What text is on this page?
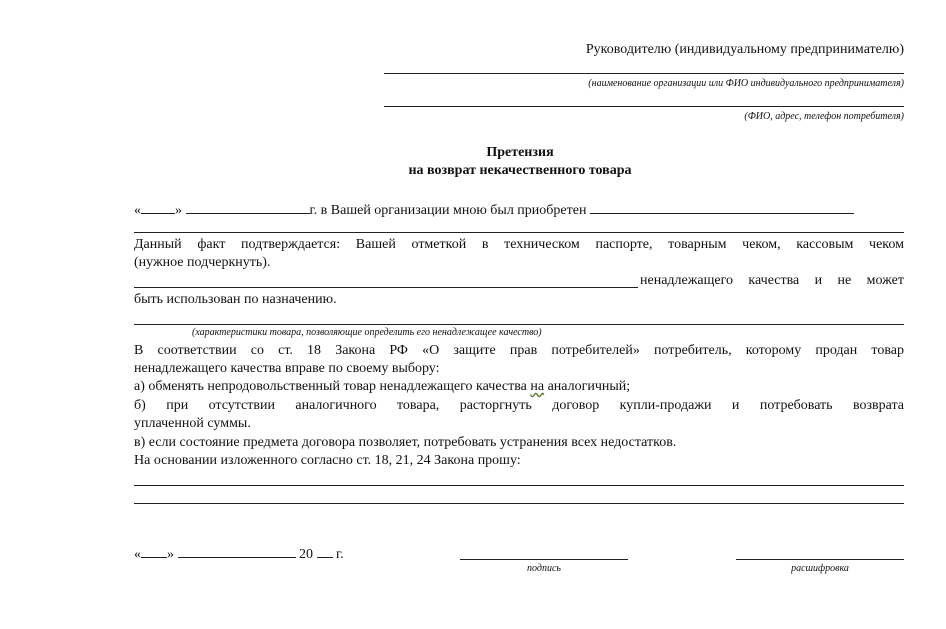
Руководителю (индивидуальному предпринимателю)
(наименование организации или ФИО индивидуального предпринимателя)
(ФИО, адрес, телефон потребителя)
Претензия
на возврат некачественного товара
« »	г. в Вашей организации мною был приобретен
Данный факт подтверждается: Вашей отметкой в техническом паспорте, товарным чеком, кассовым чеком
(нужное подчеркнуть).
ненадлежащего качества и не может
быть использован по назначению.
(характеристики товара, позволяющие определить его ненадлежащее качество)
В соответствии со ст. 18 Закона РФ «О защите прав потребителей» потребитель, которому продан товар
ненадлежащего качества вправе по своему выбору:
а) обменять непродовольственный товар ненадлежащего качества на аналогичный;
б) при отсутствии аналогичного товара, расторгнуть договор купли-продажи и потребовать возврата
уплаченной суммы.
в) если состояние предмета договора позволяет, потребовать устранения всех недостатков.
На основании изложенного согласно ст. 18, 21, 24 Закона прошу:
« »	20 г.
подпись	расшифровка
